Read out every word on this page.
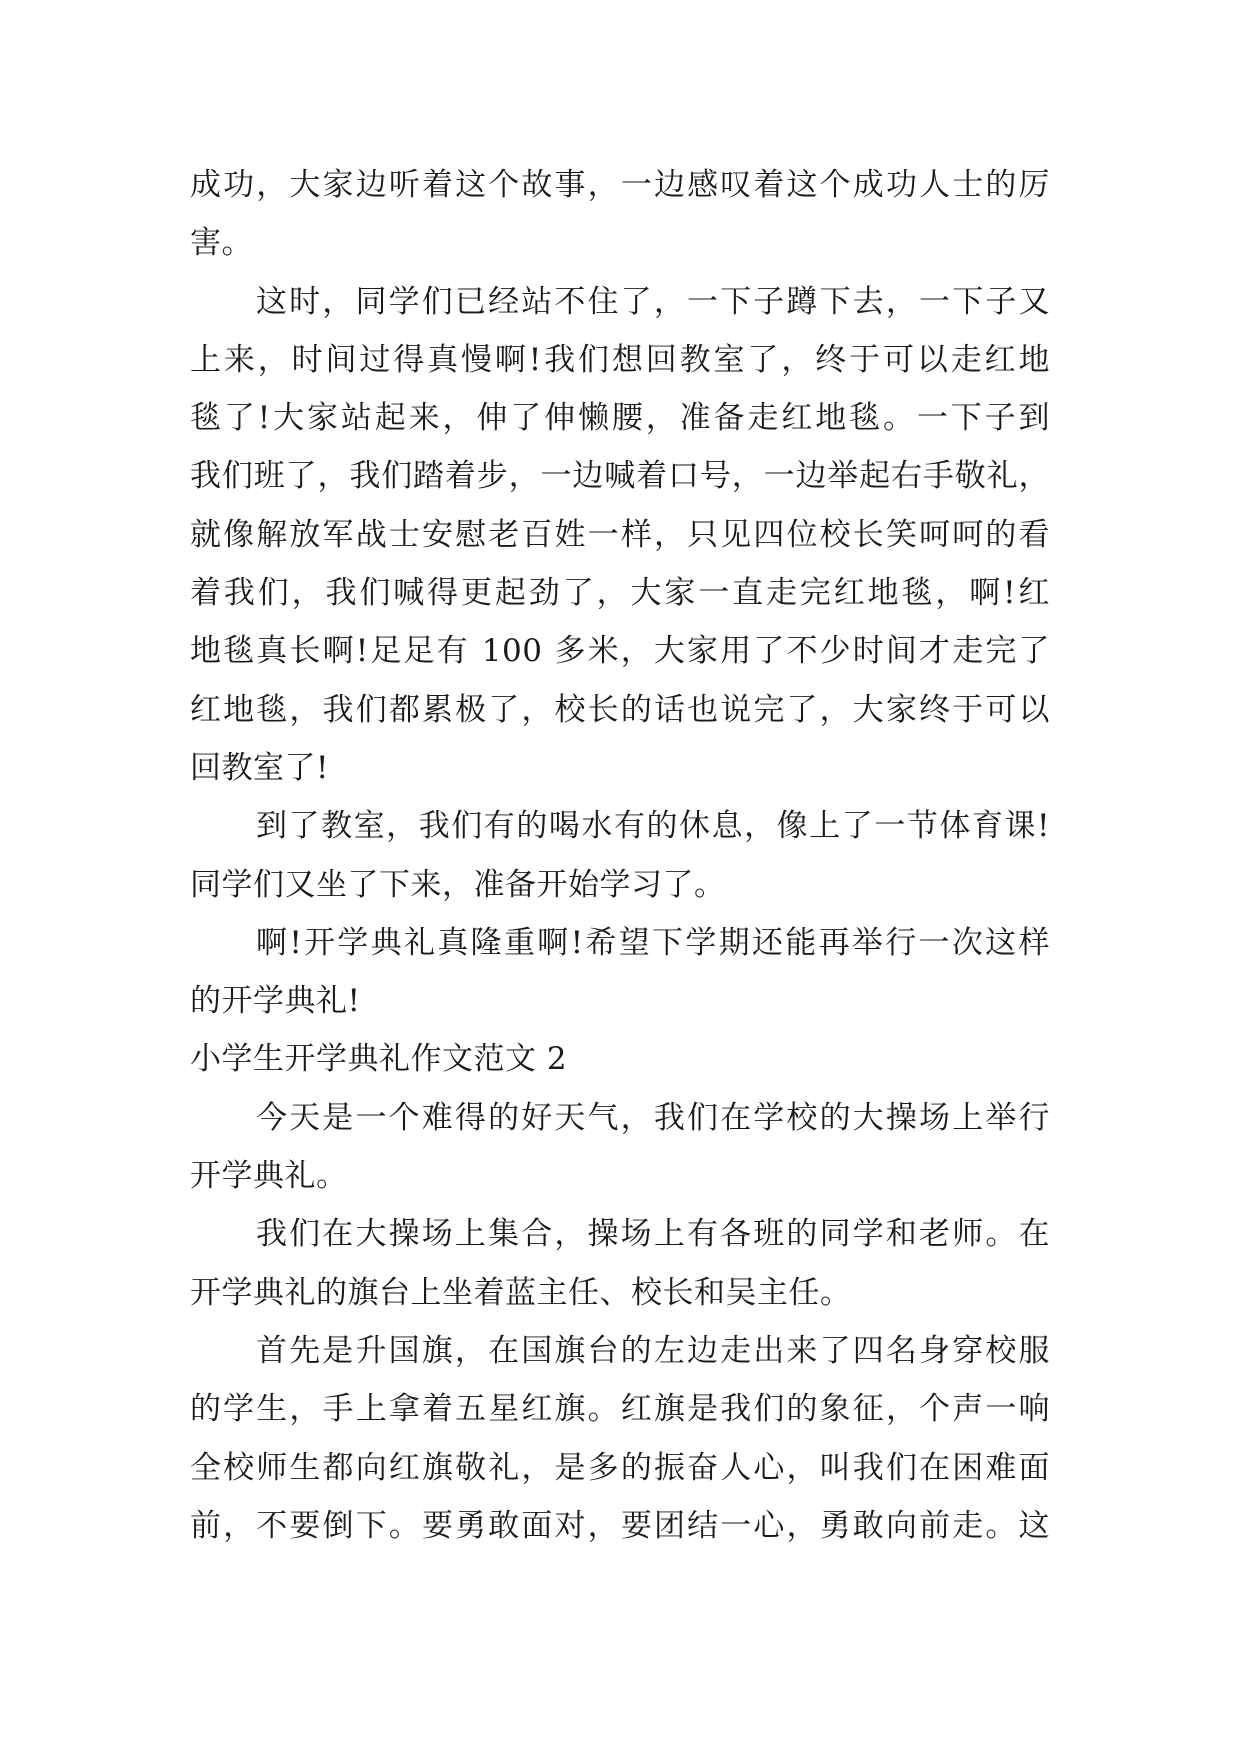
成功，大家边听着这个故事，一边感叹着这个成功人士的厉
害。
这时，同学们已经站不住了，一下子蹲下去，一下子又
上来，时间过得真慢啊!我们想回教室了，终于可以走红地
毯了!大家站起来，伸了伸懒腰，准备走红地毯。一下子到
我们班了，我们踏着步，一边喊着口号，一边举起右手敬礼，
就像解放军战士安慰老百姓一样，只见四位校长笑呵呵的看
着我们，我们喊得更起劲了，大家一直走完红地毯，啊!红
地毯真长啊!足足有 100 多米，大家用了不少时间才走完了
红地毯，我们都累极了，校长的话也说完了，大家终于可以
回教室了!
到了教室，我们有的喝水有的休息，像上了一节体育课!
同学们又坐了下来，准备开始学习了。
啊!开学典礼真隆重啊!希望下学期还能再举行一次这样
的开学典礼!
小学生开学典礼作文范文 2
今天是一个难得的好天气，我们在学校的大操场上举行
开学典礼。
我们在大操场上集合，操场上有各班的同学和老师。在
开学典礼的旗台上坐着蓝主任、校长和吴主任。
首先是升国旗，在国旗台的左边走出来了四名身穿校服
的学生，手上拿着五星红旗。红旗是我们的象征，个声一响
全校师生都向红旗敬礼，是多的振奋人心，叫我们在困难面
前，不要倒下。要勇敢面对，要团结一心，勇敢向前走。这
